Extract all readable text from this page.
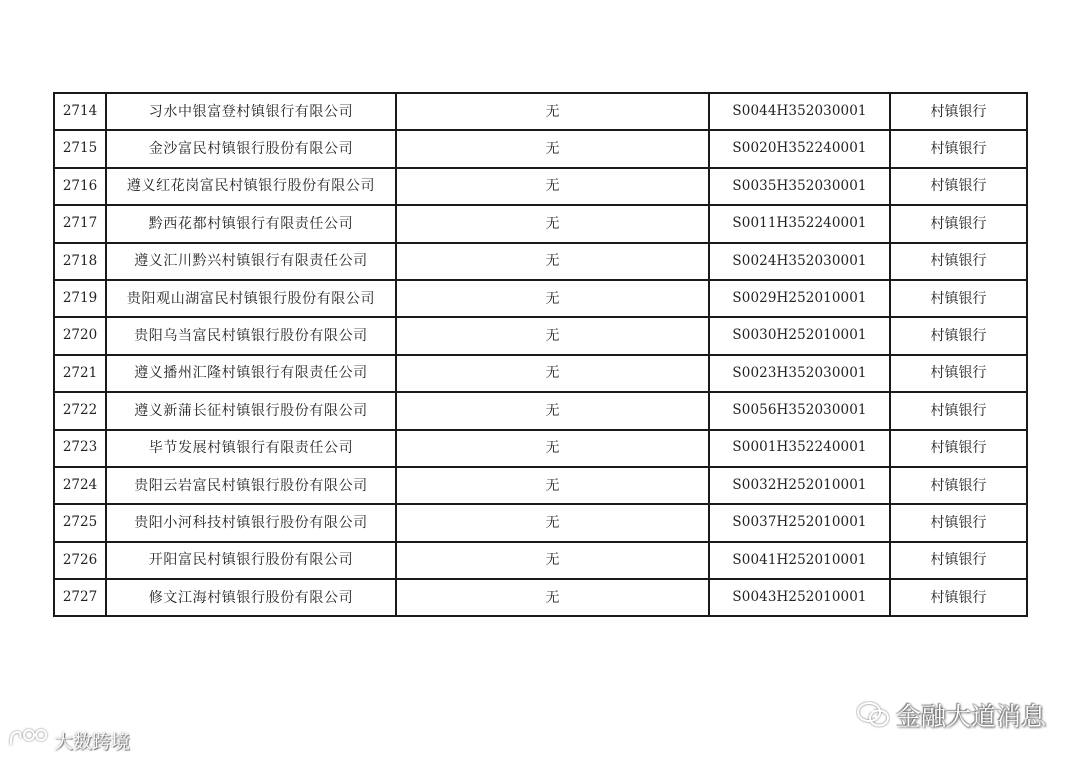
2714	习水中银富登村镇银行有限公司	无	S0044H352030001	村镇银行
2715	金沙富民村镇银行股份有限公司	无	S0020H352240001	村镇银行
2716	遵义红花岗富民村镇银行股份有限公司	无	S0035H352030001	村镇银行
2717	黔西花都村镇银行有限责任公司	无	S0011H352240001	村镇银行
2718	遵义汇川黔兴村镇银行有限责任公司	无	S0024H352030001	村镇银行
2719	贵阳观山湖富民村镇银行股份有限公司	无	S0029H252010001	村镇银行
2720	贵阳乌当富民村镇银行股份有限公司	无	S0030H252010001	村镇银行
2721	遵义播州汇隆村镇银行有限责任公司	无	S0023H352030001	村镇银行
2722	遵义新蒲长征村镇银行股份有限公司	无	S0056H352030001	村镇银行
2723	毕节发展村镇银行有限责任公司	无	S0001H352240001	村镇银行
2724	贵阳云岩富民村镇银行股份有限公司	无	S0032H252010001	村镇银行
2725	贵阳小河科技村镇银行股份有限公司	无	S0037H252010001	村镇银行
2726	开阳富民村镇银行股份有限公司	无	S0041H252010001	村镇银行
2727	修文江海村镇银行股份有限公司	无	S0043H252010001	村镇银行
金融大道消息
大数跨境
